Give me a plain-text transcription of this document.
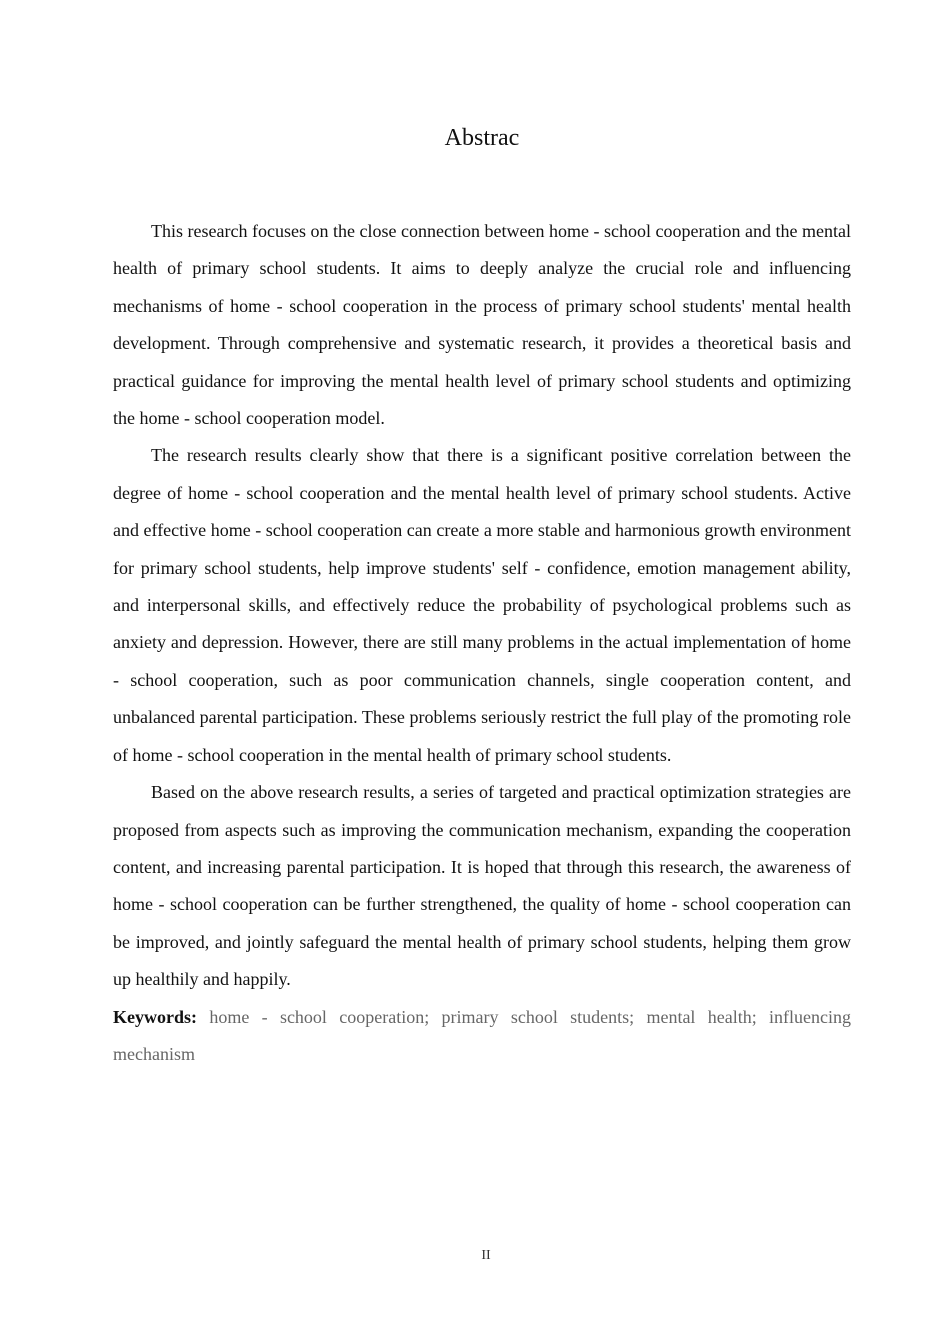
Abstrac

This research focuses on the close connection between home - school cooperation and the mental health of primary school students. It aims to deeply analyze the crucial role and influencing mechanisms of home - school cooperation in the process of primary school students' mental health development. Through comprehensive and systematic research, it provides a theoretical basis and practical guidance for improving the mental health level of primary school students and optimizing the home - school cooperation model.

The research results clearly show that there is a significant positive correlation between the degree of home - school cooperation and the mental health level of primary school students. Active and effective home - school cooperation can create a more stable and harmonious growth environment for primary school students, help improve students' self - confidence, emotion management ability, and interpersonal skills, and effectively reduce the probability of psychological problems such as anxiety and depression. However, there are still many problems in the actual implementation of home - school cooperation, such as poor communication channels, single cooperation content, and unbalanced parental participation. These problems seriously restrict the full play of the promoting role of home - school cooperation in the mental health of primary school students.

Based on the above research results, a series of targeted and practical optimization strategies are proposed from aspects such as improving the communication mechanism, expanding the cooperation content, and increasing parental participation. It is hoped that through this research, the awareness of home - school cooperation can be further strengthened, the quality of home - school cooperation can be improved, and jointly safeguard the mental health of primary school students, helping them grow up healthily and happily.

Keywords: home - school cooperation; primary school students; mental health; influencing mechanism

II
